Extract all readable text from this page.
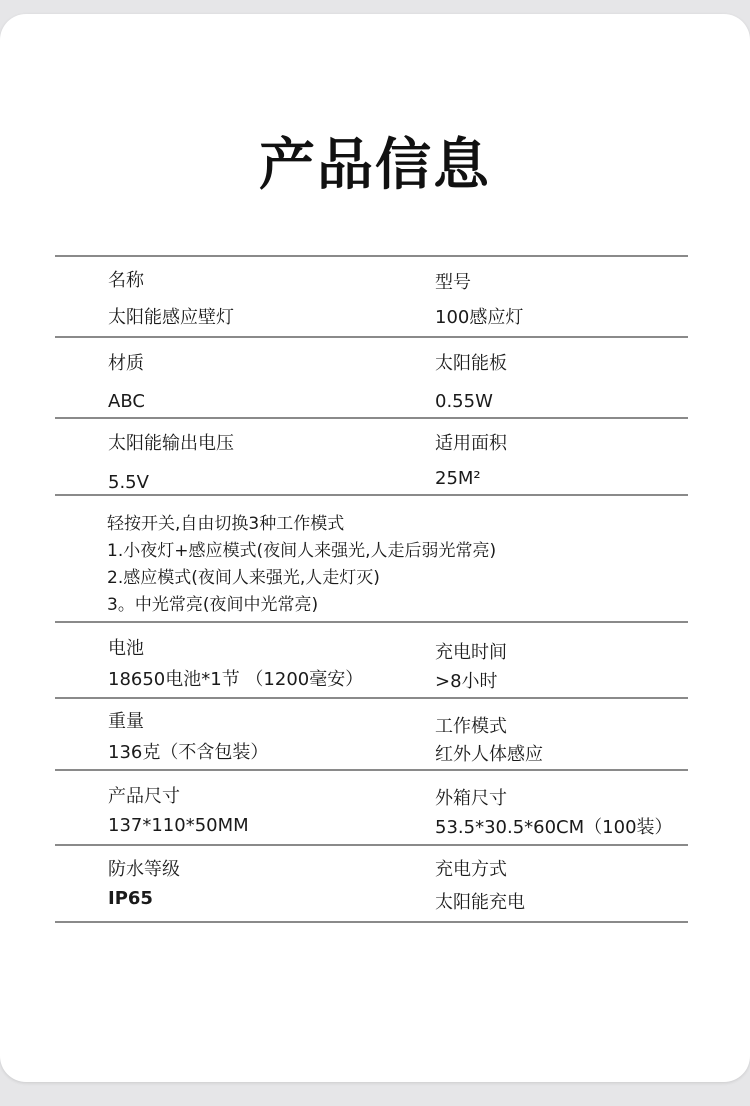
产品信息
名称
太阳能感应壁灯
型号
100感应灯
材质
ABC
太阳能板
0.55W
太阳能输出电压
5.5V
适用面积
25M²
轻按开关,自由切换3种工作模式
1.小夜灯+感应模式(夜间人来强光,人走后弱光常亮)
2.感应模式(夜间人来强光,人走灯灭)
3。中光常亮(夜间中光常亮)
电池
18650电池*1节 （1200毫安）
充电时间
>8小时
重量
136克（不含包装）
工作模式
红外人体感应
产品尺寸
137*110*50MM
外箱尺寸
53.5*30.5*60CM（100装）
防水等级
IP65
充电方式
太阳能充电
